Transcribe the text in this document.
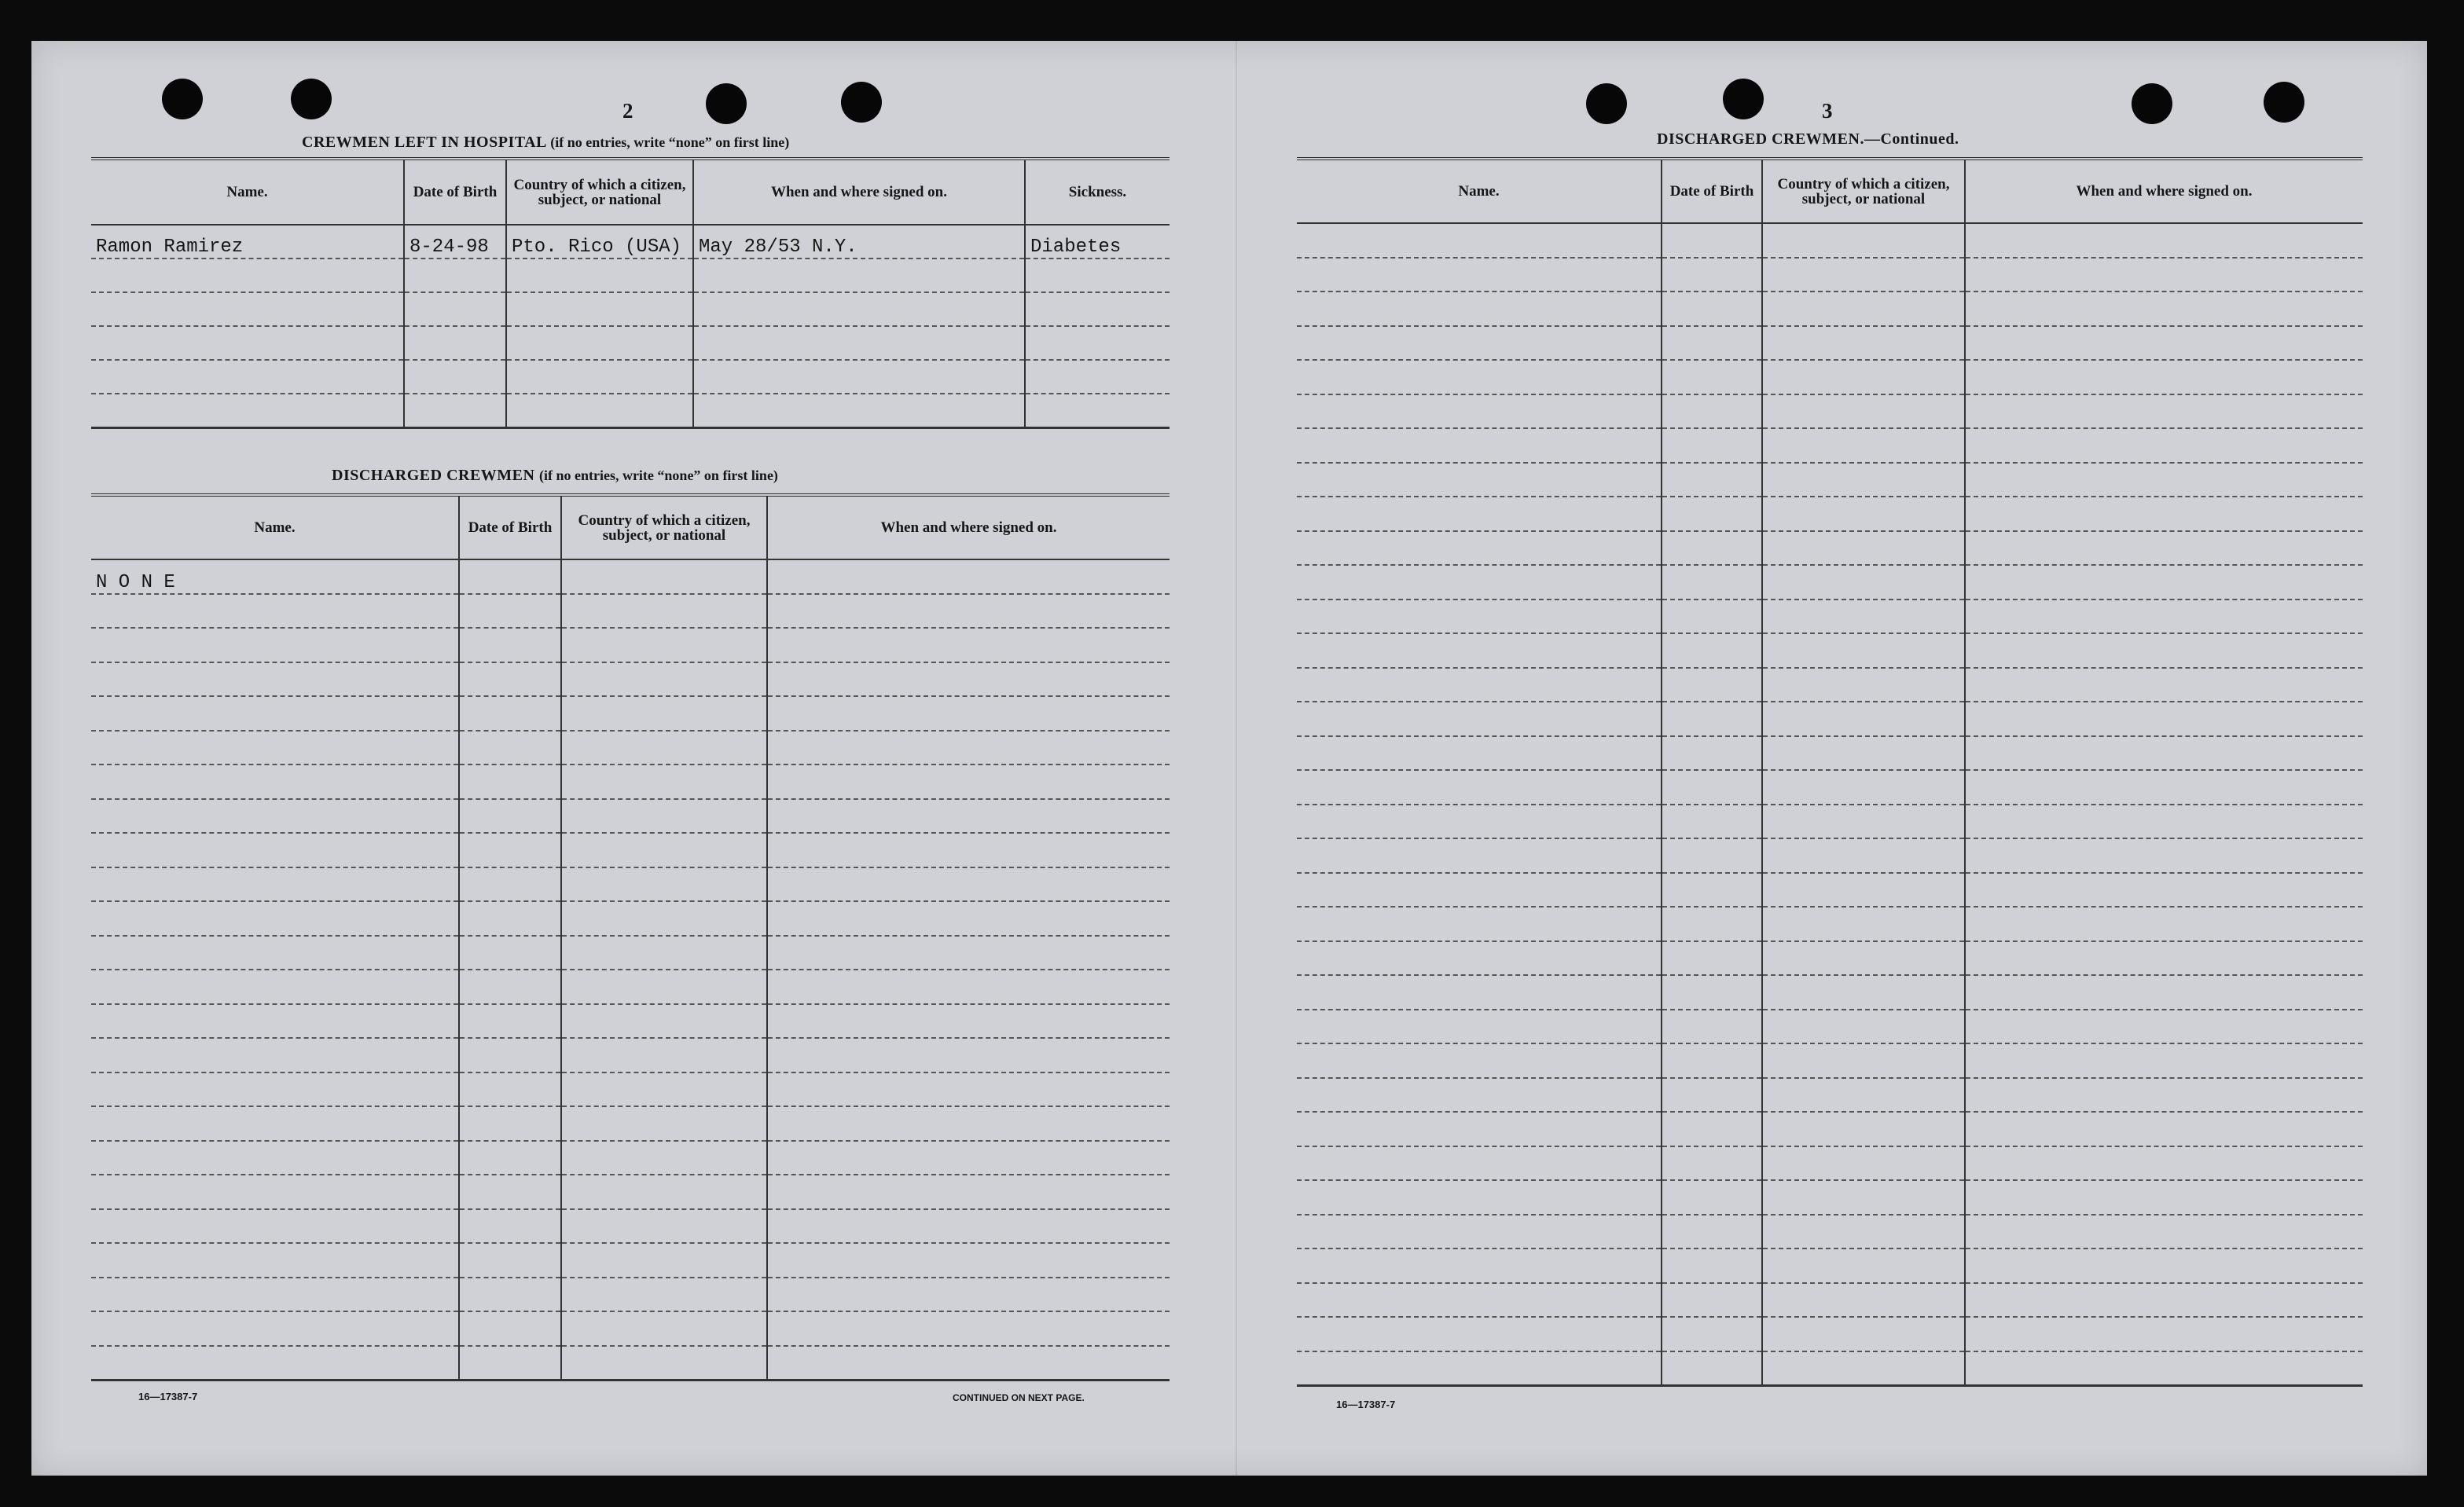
2
CREWMEN LEFT IN HOSPITAL (if no entries, write “none” on first line)
Name.	Date of Birth	Country of which a citizen, subject, or national	When and where signed on.	Sickness.
Ramon Ramirez	8-24-98	Pto. Rico (USA)	May 28/53 N.Y.	Diabetes

DISCHARGED CREWMEN (if no entries, write “none” on first line)
Name.	Date of Birth	Country of which a citizen, subject, or national	When and where signed on.
N O N E			

16—17387-7	CONTINUED ON NEXT PAGE.
3
DISCHARGED CREWMEN.—Continued.
Name.	Date of Birth	Country of which a citizen, subject, or national	When and where signed on.

16—17387-7
